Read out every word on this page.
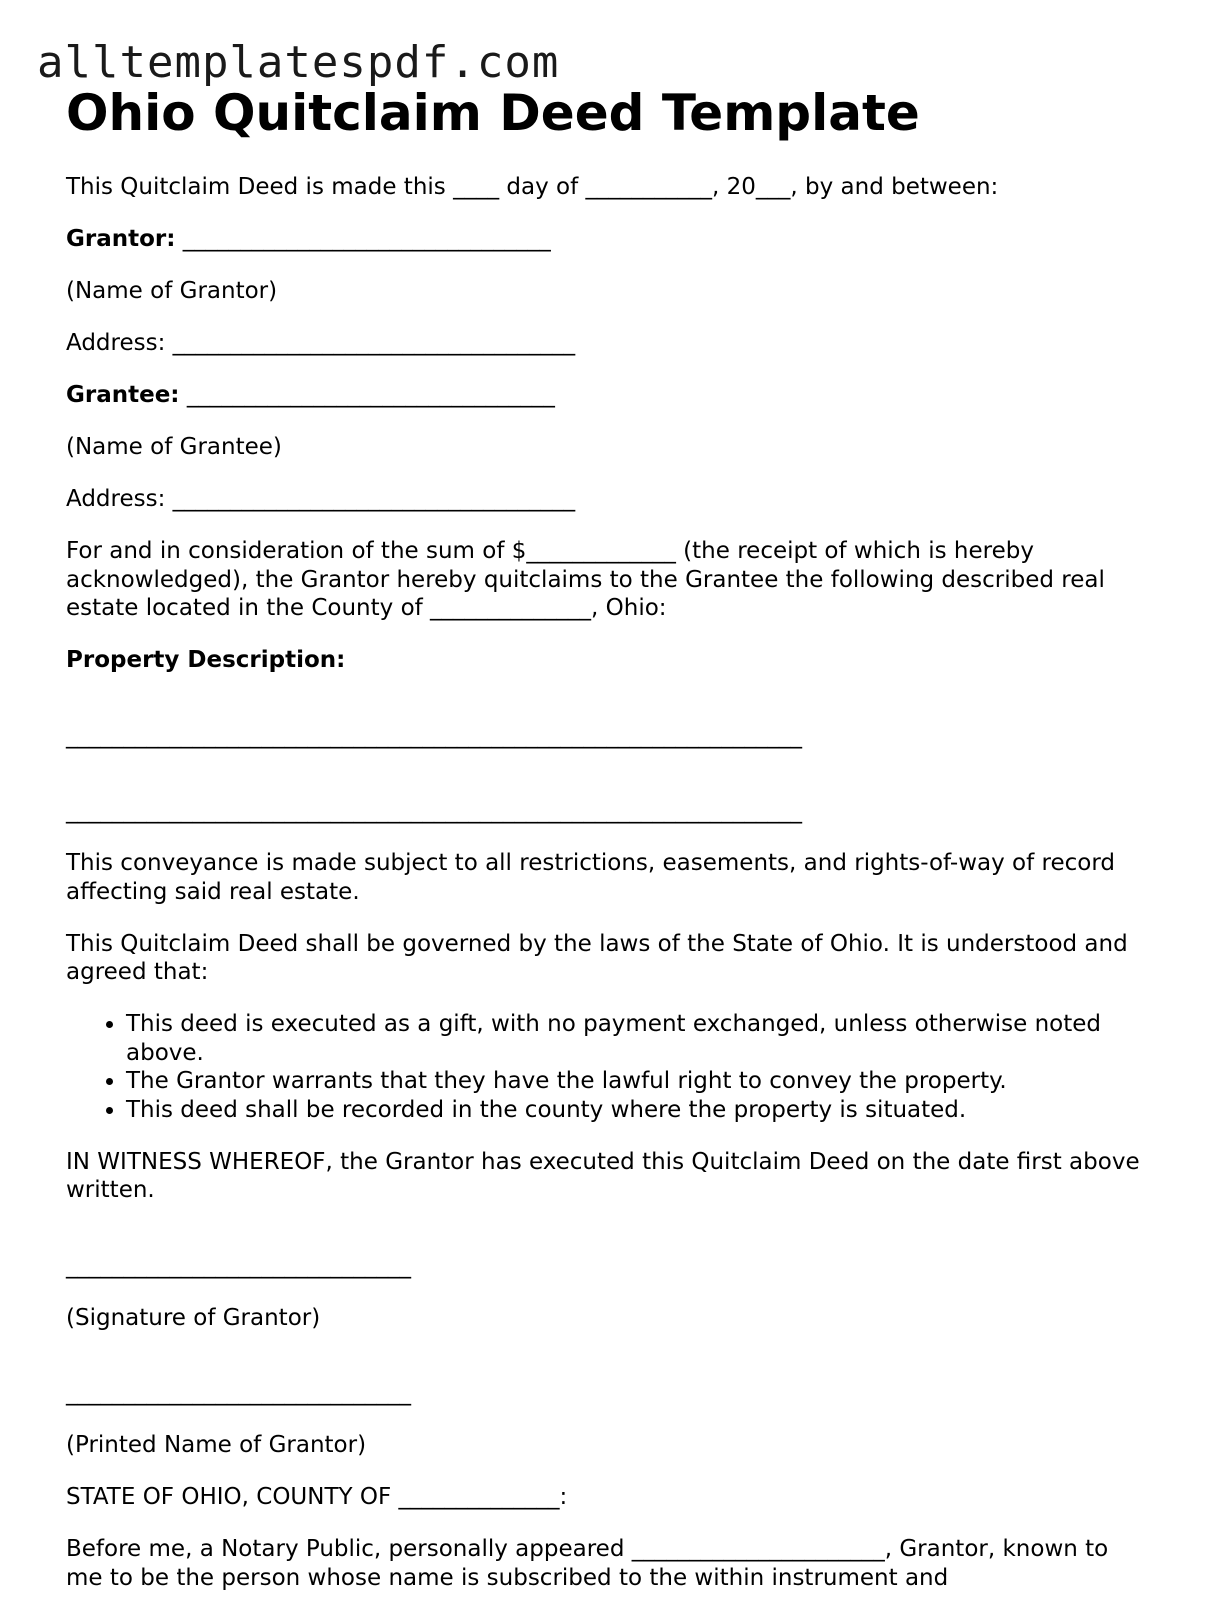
alltemplatespdf.com
Ohio Quitclaim Deed Template

This Quitclaim Deed is made this ____ day of ___________, 20___, by and between:

Grantor: ________________________________

(Name of Grantor)

Address: ___________________________________

Grantee: ________________________________

(Name of Grantee)

Address: ___________________________________

For and in consideration of the sum of $_____________ (the receipt of which is hereby acknowledged), the Grantor hereby quitclaims to the Grantee the following described real estate located in the County of ______________, Ohio:

Property Description:

________________________________________________________________

________________________________________________________________

This conveyance is made subject to all restrictions, easements, and rights-of-way of record affecting said real estate.

This Quitclaim Deed shall be governed by the laws of the State of Ohio. It is understood and agreed that:

• This deed is executed as a gift, with no payment exchanged, unless otherwise noted above.
• The Grantor warrants that they have the lawful right to convey the property.
• This deed shall be recorded in the county where the property is situated.

IN WITNESS WHEREOF, the Grantor has executed this Quitclaim Deed on the date first above written.

______________________________

(Signature of Grantor)

______________________________

(Printed Name of Grantor)

STATE OF OHIO, COUNTY OF ______________:

Before me, a Notary Public, personally appeared ______________________, Grantor, known to me to be the person whose name is subscribed to the within instrument and
